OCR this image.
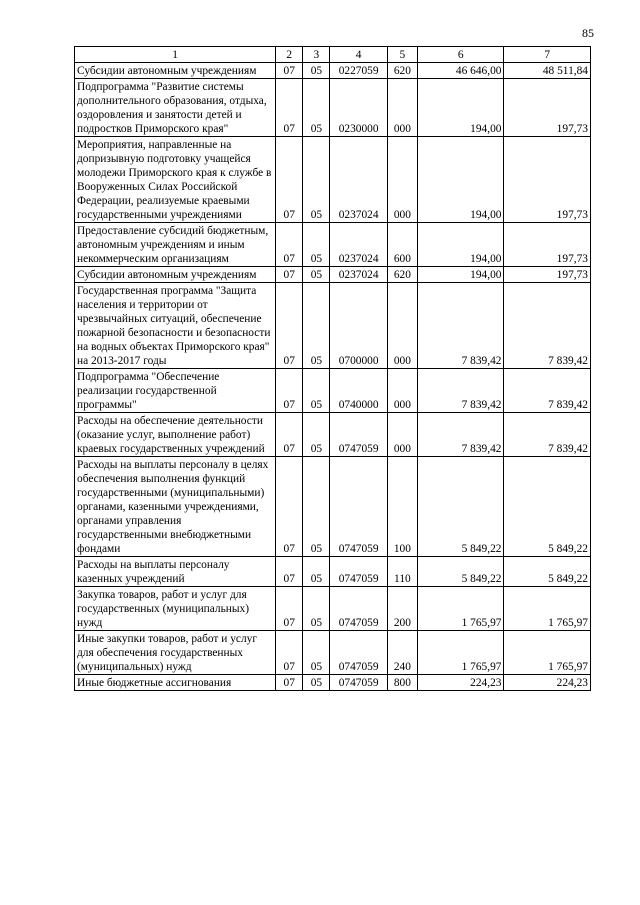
85
1	2	3	4	5	6	7
Субсидии автономным учреждениям	07	05	0227059	620	46 646,00	48 511,84
Подпрограмма "Развитие системы дополнительного образования, отдыха, оздоровления и занятости детей и подростков Приморского края"	07	05	0230000	000	194,00	197,73
Мероприятия, направленные на допризывную подготовку учащейся молодежи Приморского края к службе в Вооруженных Силах Российской Федерации, реализуемые краевыми государственными учреждениями	07	05	0237024	000	194,00	197,73
Предоставление субсидий бюджетным, автономным учреждениям и иным некоммерческим организациям	07	05	0237024	600	194,00	197,73
Субсидии автономным учреждениям	07	05	0237024	620	194,00	197,73
Государственная программа "Защита населения и территории от чрезвычайных ситуаций, обеспечение пожарной безопасности и безопасности на водных объектах Приморского края" на 2013-2017 годы	07	05	0700000	000	7 839,42	7 839,42
Подпрограмма "Обеспечение реализации государственной программы"	07	05	0740000	000	7 839,42	7 839,42
Расходы на обеспечение деятельности (оказание услуг, выполнение работ) краевых государственных учреждений	07	05	0747059	000	7 839,42	7 839,42
Расходы на выплаты персоналу в целях обеспечения выполнения функций государственными (муниципальными) органами, казенными учреждениями, органами управления государственными внебюджетными фондами	07	05	0747059	100	5 849,22	5 849,22
Расходы на выплаты персоналу казенных учреждений	07	05	0747059	110	5 849,22	5 849,22
Закупка товаров, работ и услуг для государственных (муниципальных) нужд	07	05	0747059	200	1 765,97	1 765,97
Иные закупки товаров, работ и услуг для обеспечения государственных (муниципальных) нужд	07	05	0747059	240	1 765,97	1 765,97
Иные бюджетные ассигнования	07	05	0747059	800	224,23	224,23
